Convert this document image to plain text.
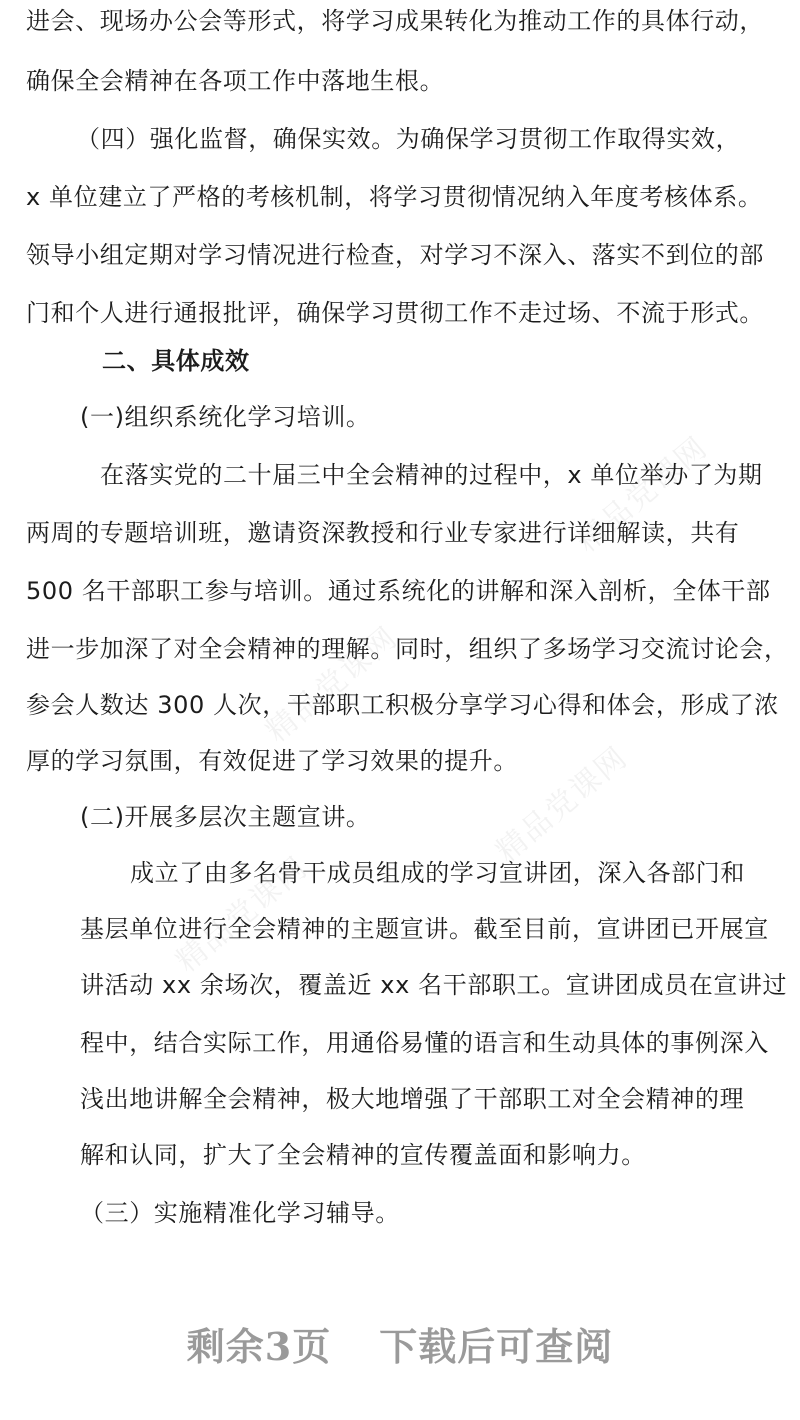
精品党课网
精品党课网
精品党课网
精品党课网
进会、现场办公会等形式，将学习成果转化为推动工作的具体行动，
确保全会精神在各项工作中落地生根。
（四）强化监督，确保实效。为确保学习贯彻工作取得实效，
x 单位建立了严格的考核机制，将学习贯彻情况纳入年度考核体系。
领导小组定期对学习情况进行检查，对学习不深入、落实不到位的部
门和个人进行通报批评，确保学习贯彻工作不走过场、不流于形式。
二、具体成效
(一)组织系统化学习培训。
在落实党的二十届三中全会精神的过程中，x 单位举办了为期
两周的专题培训班，邀请资深教授和行业专家进行详细解读，共有
500 名干部职工参与培训。通过系统化的讲解和深入剖析，全体干部
进一步加深了对全会精神的理解。同时，组织了多场学习交流讨论会，
参会人数达 300 人次，干部职工积极分享学习心得和体会，形成了浓
厚的学习氛围，有效促进了学习效果的提升。
(二)开展多层次主题宣讲。
成立了由多名骨干成员组成的学习宣讲团，深入各部门和
基层单位进行全会精神的主题宣讲。截至目前，宣讲团已开展宣
讲活动 xx 余场次，覆盖近 xx 名干部职工。宣讲团成员在宣讲过
程中，结合实际工作，用通俗易懂的语言和生动具体的事例深入
浅出地讲解全会精神，极大地增强了干部职工对全会精神的理
解和认同，扩大了全会精神的宣传覆盖面和影响力。
（三）实施精准化学习辅导。
剩余3页 下载后可查阅
